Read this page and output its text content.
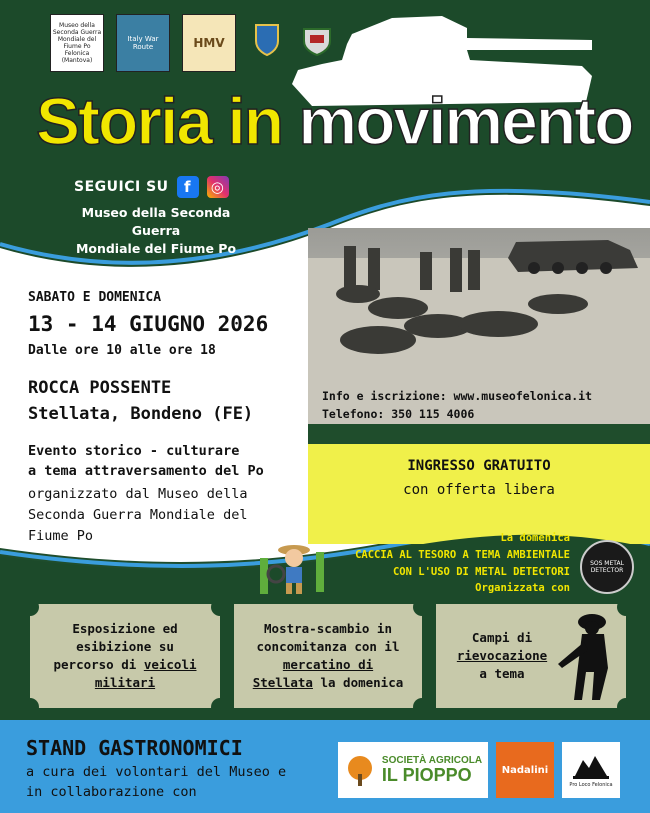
Museo della Seconda Guerra Mondiale del Fiume Po Felonica (Mantova)
Italy War Route	HMV
Storia in movimento
SEGUICI SU	f	◎
Museo della Seconda Guerra
Mondiale del Fiume Po
Info e iscrizione: www.museofelonica.it
Telefono: 350 115 4006
SABATO E DOMENICA
13 - 14 GIUGNO 2026
Dalle ore 10 alle ore 18
ROCCA POSSENTE
Stellata, Bondeno (FE)
Evento storico - culturare
a tema attraversamento del Po
organizzato dal Museo della
Seconda Guerra Mondiale del
Fiume Po
INGRESSO GRATUITO
con offerta libera
La domenica
CACCIA AL TESORO A TEMA AMBIENTALE
CON L'USO DI METAL DETECTORI
Organizzata con
SOS METAL DETECTOR
Esposizione ed
esibizione su
percorso di veicoli
militari
Mostra-scambio in
concomitanza con il
mercatino di
Stellata la domenica
Campi di
rievocazione
a tema
STAND GASTRONOMICI
a cura dei volontari del Museo e
in collaborazione con
SOCIETÀ AGRICOLA
IL PIOPPO	Nadalini
Pro Loco Felonica
